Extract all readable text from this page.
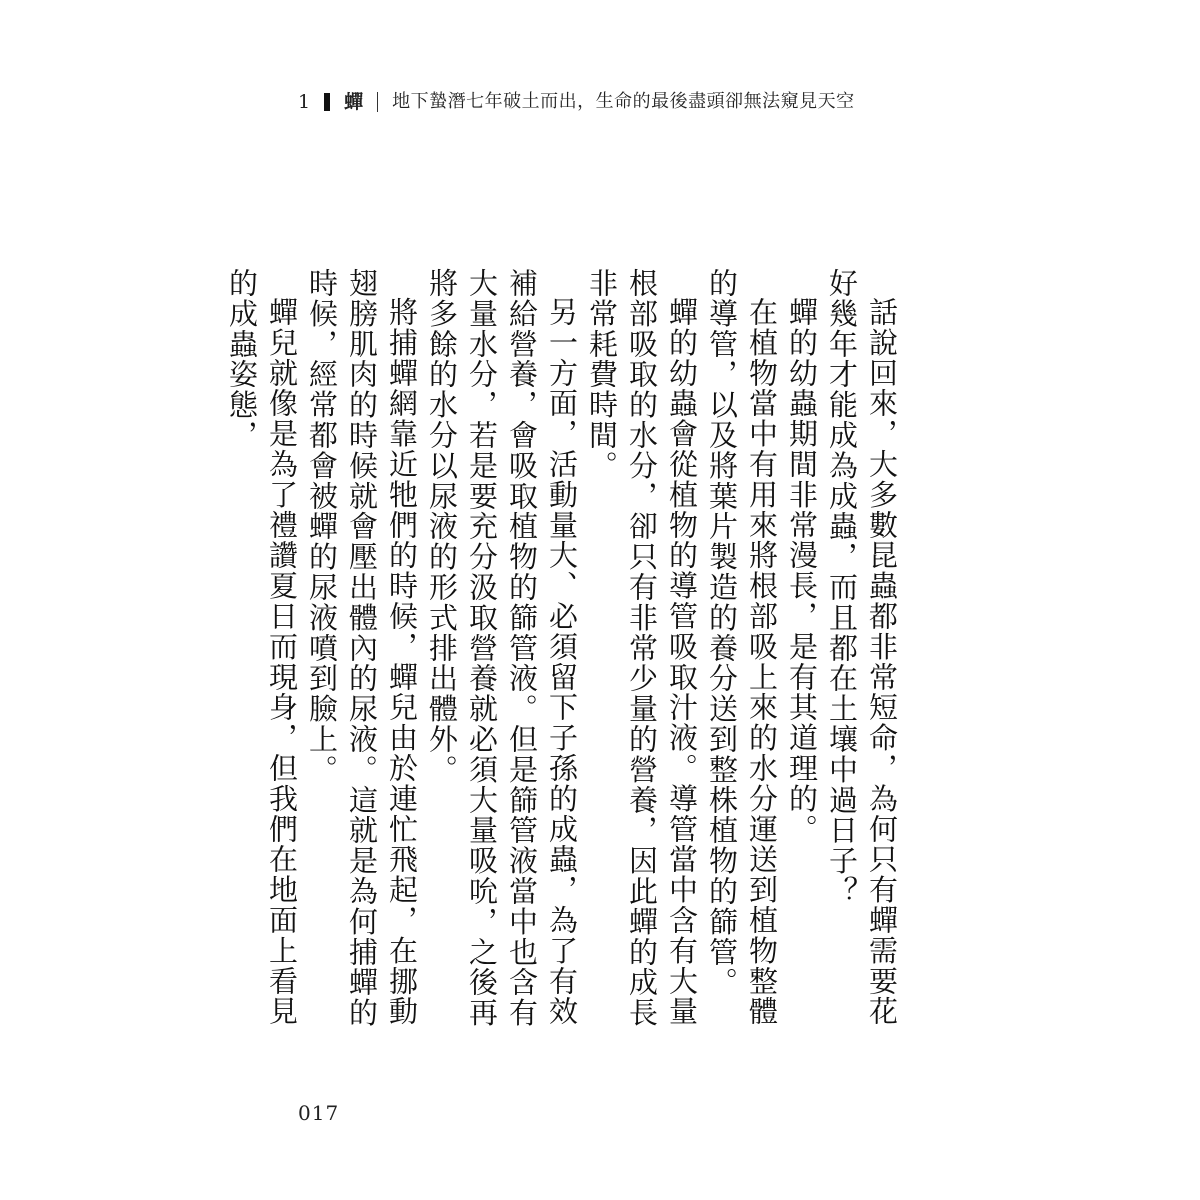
1 蟬 地下蟄潛七年破土而出，生命的最後盡頭卻無法窺見天空

話說回來，大多數昆蟲都非常短命，為何只有蟬需要花好幾年才能成為成蟲，而且都在土壤中過日子？

蟬的幼蟲期間非常漫長，是有其道理的。

在植物當中有用來將根部吸上來的水分運送到植物整體的導管，以及將葉片製造的養分送到整株植物的篩管。

蟬的幼蟲會從植物的導管吸取汁液。導管當中含有大量根部吸取的水分，卻只有非常少量的營養，因此蟬的成長非常耗費時間。

另一方面，活動量大、必須留下子孫的成蟲，為了有效補給營養，會吸取植物的篩管液。但是篩管液當中也含有大量水分，若是要充分汲取營養就必須大量吸吮，之後再將多餘的水分以尿液的形式排出體外。

將捕蟬網靠近牠們的時候，蟬兒由於連忙飛起，在挪動翅膀肌肉的時候就會壓出體內的尿液。這就是為何捕蟬的時候，經常都會被蟬的尿液噴到臉上。

蟬兒就像是為了禮讚夏日而現身，但我們在地面上看見的成蟲姿態，

017
